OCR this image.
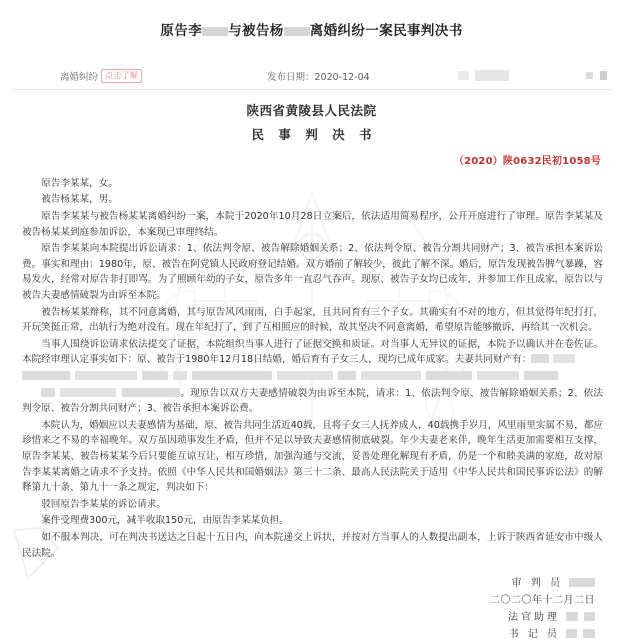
原告李 与被告杨 离婚纠纷一案民事判决书
离婚纠纷 点击了解	发布日期：2020-12-04
陕西省黄陵县人民法院
民 事 判 决 书
（2020）陕0632民初1058号

原告李某某，女。

被告杨某某，男。

原告李某某与被告杨某某离婚纠纷一案，本院于2020年10月28日立案后，依法适用简易程序，公开开庭进行了审理。原告李某某及被告杨某某到庭参加诉讼，本案现已审理终结。

原告李某某向本院提出诉讼请求：1、依法判令原、被告解除婚姻关系；2、依法判令原、被告分割共同财产；3、被告承担本案诉讼费。事实和理由：1980年，原、被告在阿党镇人民政府登记结婚。双方婚前了解较少，彼此了解不深。婚后，原告发现被告脾气暴躁，容易发火，经常对原告非打即骂。为了照顾年幼的子女，原告多年一直忍气吞声。现原、被告子女均已成年，并参加工作且成家，原告以与被告夫妻感情破裂为由诉至本院。

被告杨某某辩称，其不同意离婚，其与原告风风雨雨，白手起家，且共同育有三个子女。其确实有不对的地方，但其觉得年纪打打，开玩笑挺正常，出轨行为绝对没有。现在年纪打了，到了互相照应的时候，故其坚决不同意离婚，希望原告能够撤诉，再给其一次机会。

当事人围绕诉讼请求依法提交了证据，本院组织当事人进行了证据交换和质证。对当事人无异议的证据，本院予以确认并在卷佐证。本院经审理认定事实如下：原、被告于1980年12月18日结婚，婚后育有子女三人，现均已成年成家。夫妻共同财产有：

。现原告以双方夫妻感情破裂为由诉至本院，请求：1、依法判令原、被告解除婚姻关系；2、依法判令原、被告分割共同财产；3、被告承担本案诉讼费。

本院认为，婚姻应以夫妻感情为基础，原、被告共同生活近40载，且将子女三人抚养成人，40载携手岁月，风里雨里实属不易，都应珍惜来之不易的幸福晚年。双方虽因琐事发生矛盾，但并不足以导致夫妻感情彻底破裂。年少夫妻老来伴，晚年生活更加需要相互支撑，原告李某某、被告杨某某今后只要能互谅互让，相互珍惜，加强沟通与交流，妥善处理化解现有矛盾，仍是一个和睦美满的家庭，故对原告李某某离婚之请求不予支持。依照《中华人民共和国婚姻法》第三十二条、最高人民法院关于适用《中华人民共和国民事诉讼法》的解释第九十条、第九十一条之规定，判决如下：

驳回原告李某某的诉讼请求。

案件受理费300元，减半收取150元，由原告李某某负担。

如不服本判决，可在判决书送达之日起十五日内，向本院递交上诉状，并按对方当事人的人数提出副本，上诉于陕西省延安市中级人民法院。

审 判 员
二〇二〇年十二月二日
法官助理
书 记 员
